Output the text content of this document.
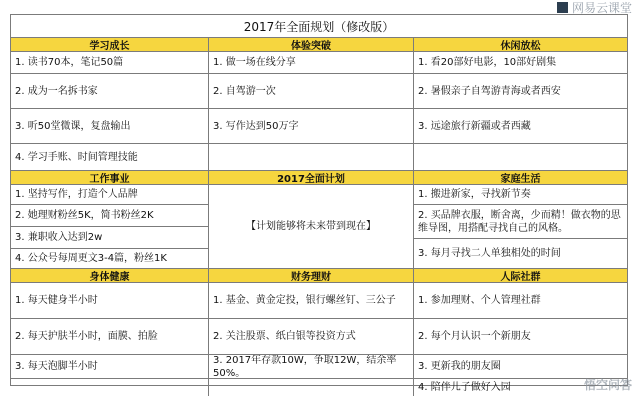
网易云课堂
2017年全面规划（修改版）
学习成长
1. 读书70本，笔记50篇
2. 成为一名拆书家
3. 听50堂微课，复盘输出
4. 学习手账、时间管理技能
工作事业
1. 坚持写作，打造个人品牌
2. 她理财粉丝5K，简书粉丝2K
3. 兼职收入达到2w
4. 公众号每周更文3-4篇，粉丝1K
身体健康
1. 每天健身半小时
2. 每天护肤半小时，面膜、拍脸
3. 每天泡脚半小时
体验突破
1. 做一场在线分享
2. 自驾游一次
3. 写作达到50万字
2017全面计划
【计划能够将未来带到现在】
财务理财
1. 基金、黄金定投，银行螺丝钉、三公子
2. 关注股票、纸白银等投资方式
3. 2017年存款10W，争取12W，结余率50%。
休闲放松
1. 看20部好电影，10部好剧集
2. 暑假亲子自驾游青海或者西安
3. 远途旅行新疆或者西藏
家庭生活
1. 搬进新家，寻找新节奏
2. 买品牌衣服，断舍离，少而精！做衣物的思维导图，用搭配寻找自己的风格。
3. 每月寻找二人单独相处的时间
人际社群
1. 参加理财、个人管理社群
2. 每个月认识一个新朋友
3. 更新我的朋友圈
4. 陪伴儿子做好入园	悟空问答
